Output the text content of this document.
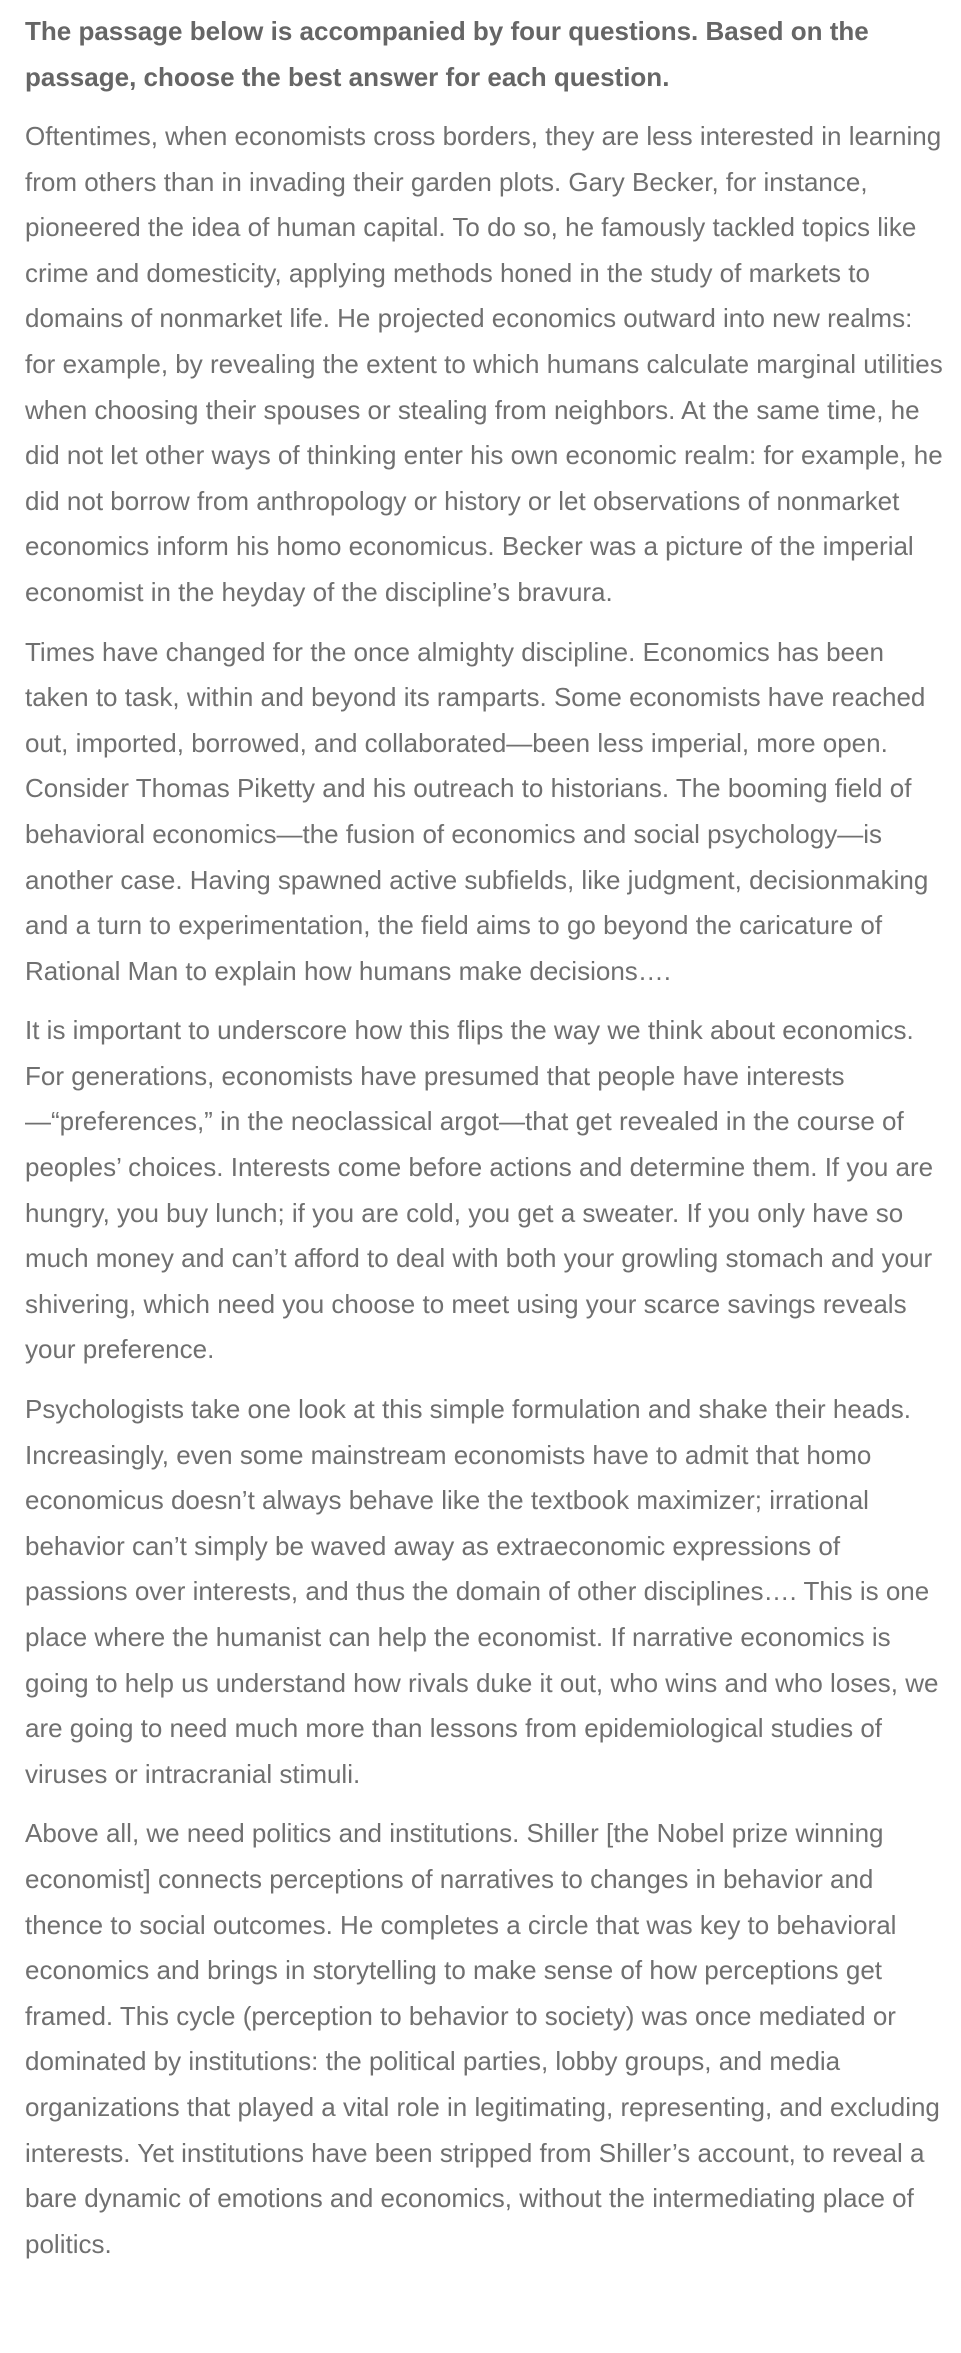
The passage below is accompanied by four questions. Based on the passage, choose the best answer for each question.

Oftentimes, when economists cross borders, they are less interested in learning from others than in invading their garden plots. Gary Becker, for instance, pioneered the idea of human capital. To do so, he famously tackled topics like crime and domesticity, applying methods honed in the study of markets to domains of nonmarket life. He projected economics outward into new realms: for example, by revealing the extent to which humans calculate marginal utilities when choosing their spouses or stealing from neighbors. At the same time, he did not let other ways of thinking enter his own economic realm: for example, he did not borrow from anthropology or history or let observations of nonmarket economics inform his homo economicus. Becker was a picture of the imperial economist in the heyday of the discipline’s bravura.

Times have changed for the once almighty discipline. Economics has been taken to task, within and beyond its ramparts. Some economists have reached out, imported, borrowed, and collaborated—been less imperial, more open. Consider Thomas Piketty and his outreach to historians. The booming field of behavioral economics—the fusion of economics and social psychology—is another case. Having spawned active subfields, like judgment, decisionmaking and a turn to experimentation, the field aims to go beyond the caricature of Rational Man to explain how humans make decisions….

It is important to underscore how this flips the way we think about economics. For generations, economists have presumed that people have interests—“preferences,” in the neoclassical argot—that get revealed in the course of peoples’ choices. Interests come before actions and determine them. If you are hungry, you buy lunch; if you are cold, you get a sweater. If you only have so much money and can’t afford to deal with both your growling stomach and your shivering, which need you choose to meet using your scarce savings reveals your preference.

Psychologists take one look at this simple formulation and shake their heads. Increasingly, even some mainstream economists have to admit that homo economicus doesn’t always behave like the textbook maximizer; irrational behavior can’t simply be waved away as extraeconomic expressions of passions over interests, and thus the domain of other disciplines…. This is one place where the humanist can help the economist. If narrative economics is going to help us understand how rivals duke it out, who wins and who loses, we are going to need much more than lessons from epidemiological studies of viruses or intracranial stimuli.

Above all, we need politics and institutions. Shiller [the Nobel prize winning economist] connects perceptions of narratives to changes in behavior and thence to social outcomes. He completes a circle that was key to behavioral economics and brings in storytelling to make sense of how perceptions get framed. This cycle (perception to behavior to society) was once mediated or dominated by institutions: the political parties, lobby groups, and media organizations that played a vital role in legitimating, representing, and excluding interests. Yet institutions have been stripped from Shiller’s account, to reveal a bare dynamic of emotions and economics, without the intermediating place of politics.
